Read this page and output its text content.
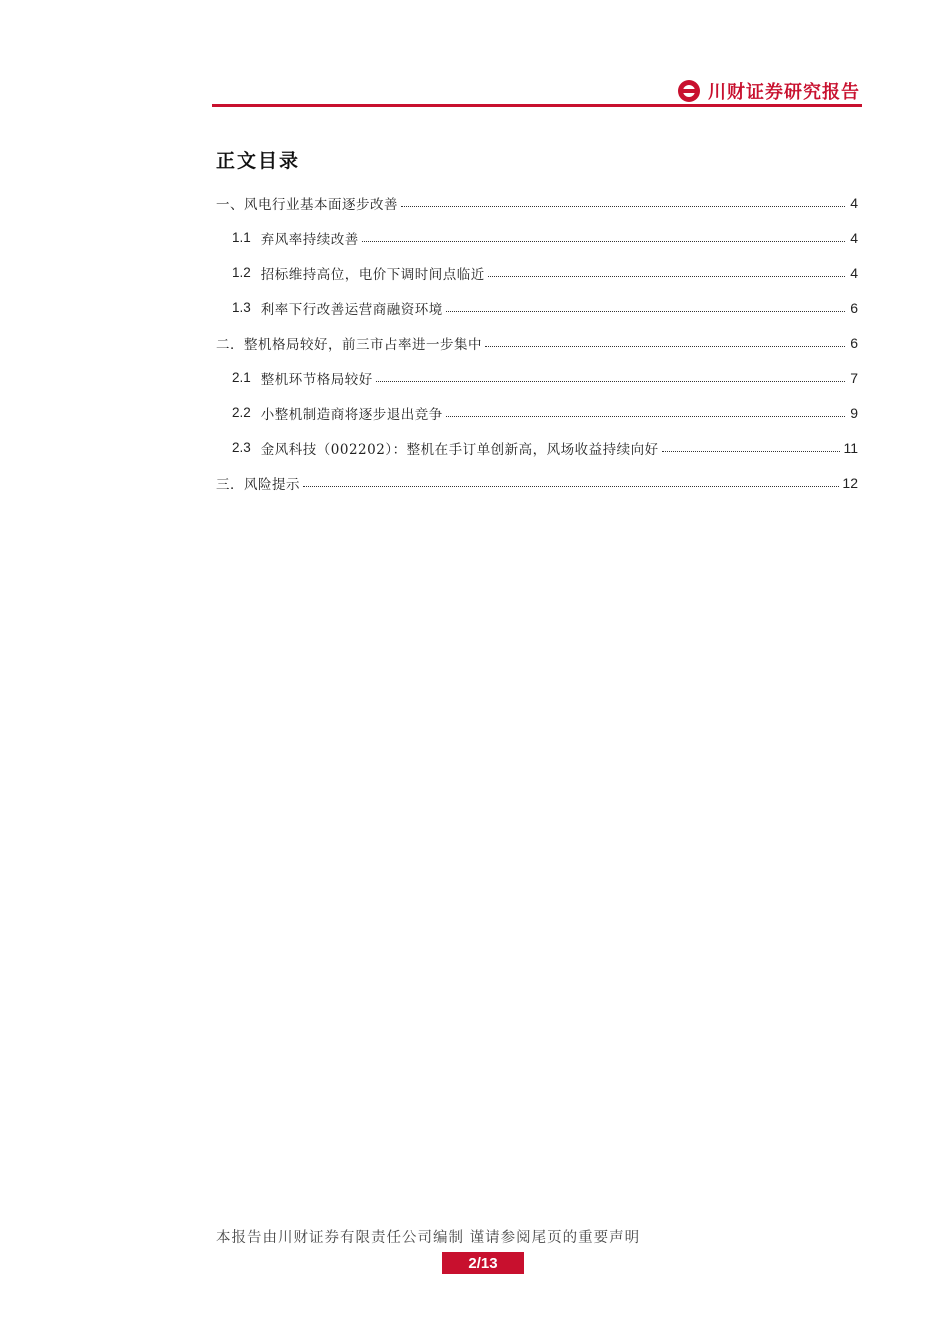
川财证券研究报告
正文目录
一、风电行业基本面逐步改善	4
1.1 弃风率持续改善	4
1.2 招标维持高位，电价下调时间点临近	4
1.3 利率下行改善运营商融资环境	6
二．整机格局较好，前三市占率进一步集中	6
2.1 整机环节格局较好	7
2.2 小整机制造商将逐步退出竞争	9
2.3 金风科技（002202）：整机在手订单创新高，风场收益持续向好	11
三．风险提示	12

本报告由川财证券有限责任公司编制 谨请参阅尾页的重要声明

2/13
